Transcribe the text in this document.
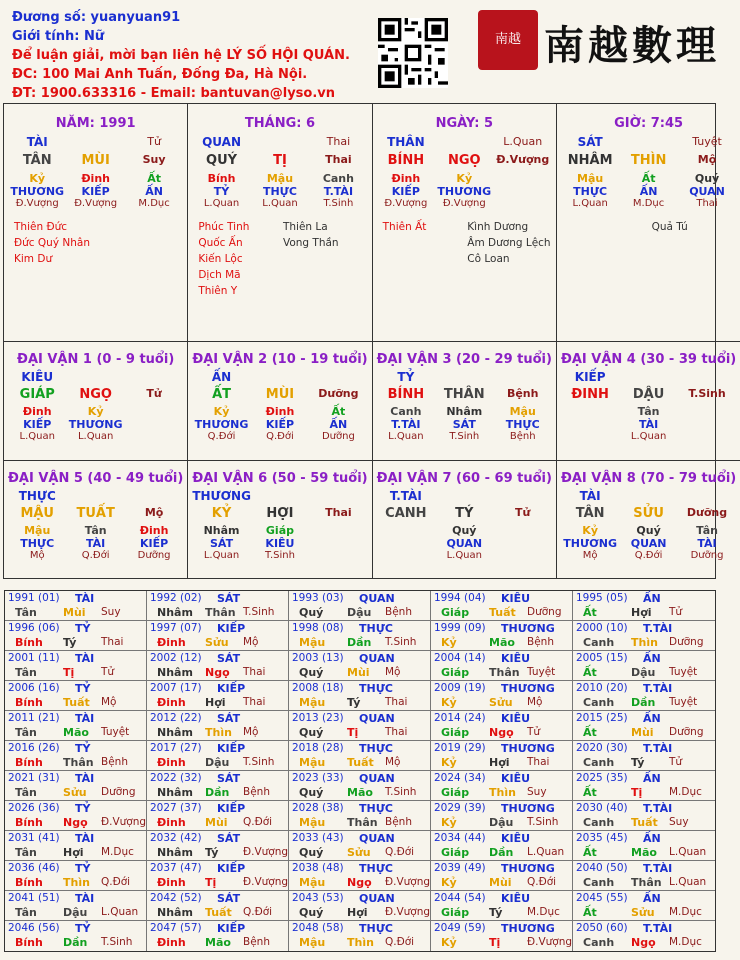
Đương số: yuanyuan91
Giới tính: Nữ
Để luận giải, mời bạn liên hệ LÝ SỐ HỘI QUÁN.
ĐC: 100 Mai Anh Tuấn, Đống Đa, Hà Nội.
ĐT: 1900.633316 - Email: bantuvan@lyso.vn
南越 南越數理
NĂM: 1991
TÀI	Tử
TÂN	MÙI	Suy
Kỷ	Đinh	Ất
THƯƠNG	KIẾP	ẤN
Đ.Vượng	Đ.Vượng	M.Dục
Thiên Đức
Đức Quý Nhân
Kim Dư
THÁNG: 6
QUAN	Thai
QUÝ	TỊ	Thai
Bính	Mậu	Canh
TỶ	THỰC	T.TÀI
L.Quan	L.Quan	T.Sinh
Phúc Tinh
Quốc Ấn
Kiến Lộc
Dịch Mã
Thiên Y
Thiên La
Vong Thần
NGÀY: 5
THÂN	L.Quan
BÍNH	NGỌ	Đ.Vượng
Đinh	Kỷ
KIẾP	THƯƠNG
Đ.Vượng	Đ.Vượng
Thiên Ất	Kình Dương
Âm Dương Lệch
Cô Loan
GIỜ: 7:45
SÁT	Tuyệt
NHÂM	THÌN	Mộ
Mậu	Ất	Quý
THỰC	ẤN	QUAN
L.Quan	M.Dục	Thai
Quả Tú
ĐẠI VẬN 1 (0 - 9 tuổi)
KIÊU
GIÁP	NGỌ	Tử
Đinh	Kỷ
KIẾP	THƯƠNG
L.Quan	L.Quan
ĐẠI VẬN 2 (10 - 19 tuổi)
ẤN
ẤT	MÙI	Dưỡng
Kỷ	Đinh	Ất
THƯƠNG	KIẾP	ẤN
Q.Đới	Q.Đới	Dưỡng
ĐẠI VẬN 3 (20 - 29 tuổi)
TỶ
BÍNH	THÂN	Bệnh
Canh	Nhâm	Mậu
T.TÀI	SÁT	THỰC
L.Quan	T.Sinh	Bệnh
ĐẠI VẬN 4 (30 - 39 tuổi)
KIẾP
ĐINH	DẬU	T.Sinh
Tân
TÀI
L.Quan
ĐẠI VẬN 5 (40 - 49 tuổi)
THỰC
MẬU	TUẤT	Mộ
Mậu	Tân	Đinh
THỰC	TÀI	KIẾP
Mộ	Q.Đới	Dưỡng
ĐẠI VẬN 6 (50 - 59 tuổi)
THƯƠNG
KỶ	HỢI	Thai
Nhâm	Giáp
SÁT	KIÊU
L.Quan	T.Sinh
ĐẠI VẬN 7 (60 - 69 tuổi)
T.TÀI
CANH	TÝ	Tử
Quý
QUAN
L.Quan
ĐẠI VẬN 8 (70 - 79 tuổi)
TÀI
TÂN	SỬU	Dưỡng
Kỷ	Quý	Tân
THƯƠNG	QUAN	TÀI
Mộ	Q.Đới	Dưỡng
1991 (01) TÀI
Tân Mùi Suy
1992 (02) SÁT
Nhâm Thân T.Sinh
1993 (03) QUAN
Quý Dậu Bệnh
1994 (04) KIÊU
Giáp Tuất Dưỡng
1995 (05) ẤN
Ất	Hợi Tử
1996 (06) TỶ
Bính Tý Thai
1997 (07) KIẾP
Đinh Sửu Mộ
1998 (08) THỰC
Mậu Dần T.Sinh
1999 (09) THƯƠNG
Kỷ	Mão Bệnh
2000 (10) T.TÀI
Canh Thìn Dưỡng
2001 (11) TÀI
Tân Tị	Tử
2002 (12) SÁT
Nhâm Ngọ Thai
2003 (13) QUAN
Quý Mùi Mộ
2004 (14) KIÊU
Giáp Thân Tuyệt
2005 (15) ẤN
Ất	Dậu Tuyệt
2006 (16) TỶ
Bính Tuất Mộ
2007 (17) KIẾP
Đinh Hợi Thai
2008 (18) THỰC
Mậu Tý Thai
2009 (19) THƯƠNG
Kỷ	Sửu Mộ
2010 (20) T.TÀI
Canh Dần Tuyệt
2011 (21) TÀI
Tân Mão Tuyệt
2012 (22) SÁT
Nhâm Thìn Mộ
2013 (23) QUAN
Quý Tị	Thai
2014 (24) KIÊU
Giáp Ngọ Tử
2015 (25) ẤN
Ất	Mùi Dưỡng
2016 (26) TỶ
Bính Thân Bệnh
2017 (27) KIẾP
Đinh Dậu T.Sinh
2018 (28) THỰC
Mậu Tuất Mộ
2019 (29) THƯƠNG
Kỷ	Hợi Thai
2020 (30) T.TÀI
Canh Tý Tử
2021 (31) TÀI
Tân Sửu Dưỡng
2022 (32) SÁT
Nhâm Dần Bệnh
2023 (33) QUAN
Quý Mão T.Sinh
2024 (34) KIÊU
Giáp Thìn Suy
2025 (35) ẤN
Ất	Tị	M.Dục
2026 (36) TỶ
Bính Ngọ Đ.Vượng
2027 (37) KIẾP
Đinh Mùi Q.Đới
2028 (38) THỰC
Mậu Thân Bệnh
2029 (39) THƯƠNG
Kỷ	Dậu T.Sinh
2030 (40) T.TÀI
Canh Tuất Suy
2031 (41) TÀI
Tân Hợi M.Dục
2032 (42) SÁT
Nhâm Tý Đ.Vượng
2033 (43) QUAN
Quý Sửu Q.Đới
2034 (44) KIÊU
Giáp Dần L.Quan
2035 (45) ẤN
Ất	Mão L.Quan
2036 (46) TỶ
Bính Thìn Q.Đới
2037 (47) KIẾP
Đinh Tị	Đ.Vượng
2038 (48) THỰC
Mậu Ngọ Đ.Vượng
2039 (49) THƯƠNG
Kỷ	Mùi Q.Đới
2040 (50) T.TÀI
Canh Thân L.Quan
2041 (51) TÀI
Tân Dậu L.Quan
2042 (52) SÁT
Nhâm Tuất Q.Đới
2043 (53) QUAN
Quý Hợi Đ.Vượng
2044 (54) KIÊU
Giáp Tý M.Dục
2045 (55) ẤN
Ất	Sửu M.Dục
2046 (56) TỶ
Bính Dần T.Sinh
2047 (57) KIẾP
Đinh Mão Bệnh
2048 (58) THỰC
Mậu Thìn Q.Đới
2049 (59) THƯƠNG
Kỷ	Tị	Đ.Vượng
2050 (60) T.TÀI
Canh Ngọ M.Dục
